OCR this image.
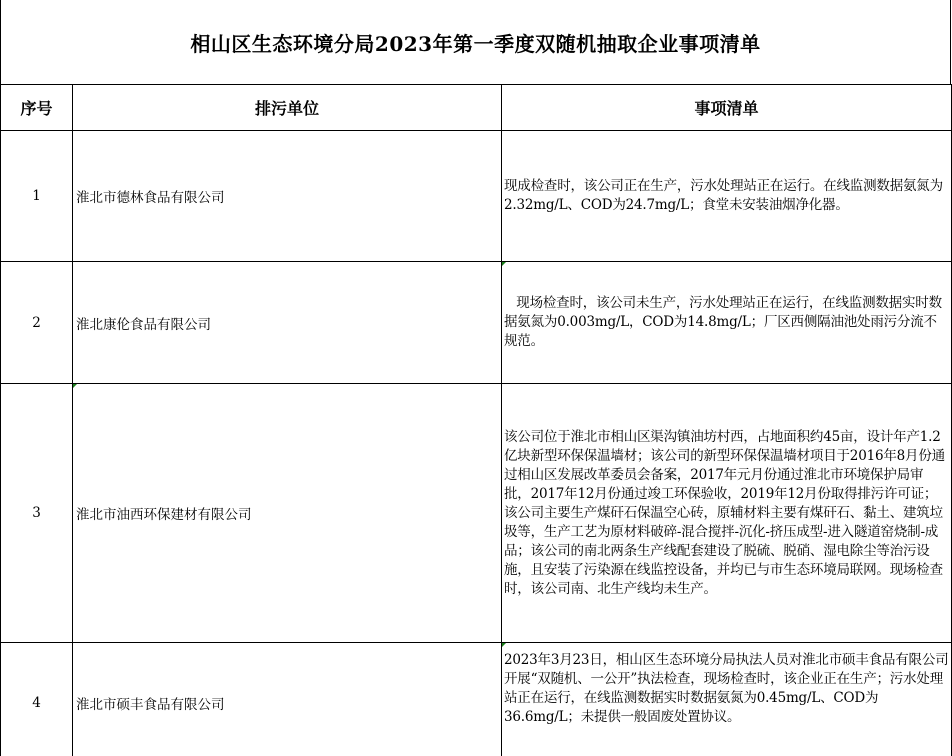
相山区生态环境分局2023年第一季度双随机抽取企业事项清单
序号	排污单位	事项清单
1	淮北市德林食品有限公司	现成检查时，该公司正在生产，污水处理站正在运行。在线监测数据氨氮为2.32mg/L、COD为24.7mg/L；食堂未安装油烟净化器。
2	淮北康伦食品有限公司	现场检查时，该公司未生产，污水处理站正在运行，在线监测数据实时数据氨氮为0.003mg/L，COD为14.8mg/L；厂区西侧隔油池处雨污分流不规范。
3	淮北市油西环保建材有限公司	该公司位于淮北市相山区渠沟镇油坊村西，占地面积约45亩，设计年产1.2亿块新型环保保温墙材；该公司的新型环保保温墙材项目于2016年8月份通过相山区发展改革委员会备案，2017年元月份通过淮北市环境保护局审批，2017年12月份通过竣工环保验收，2019年12月份取得排污许可证；该公司主要生产煤矸石保温空心砖，原辅材料主要有煤矸石、黏土、建筑垃圾等，生产工艺为原材料破碎-混合搅拌-沉化-挤压成型-进入隧道窑烧制-成品；该公司的南北两条生产线配套建设了脱硫、脱硝、湿电除尘等治污设施，且安装了污染源在线监控设备，并均已与市生态环境局联网。现场检查时，该公司南、北生产线均未生产。
4	淮北市硕丰食品有限公司	2023年3月23日，相山区生态环境分局执法人员对淮北市硕丰食品有限公司开展“双随机、一公开”执法检查，现场检查时，该企业正在生产；污水处理站正在运行，在线监测数据实时数据氨氮为0.45mg/L、COD为36.6mg/L；未提供一般固废处置协议。
